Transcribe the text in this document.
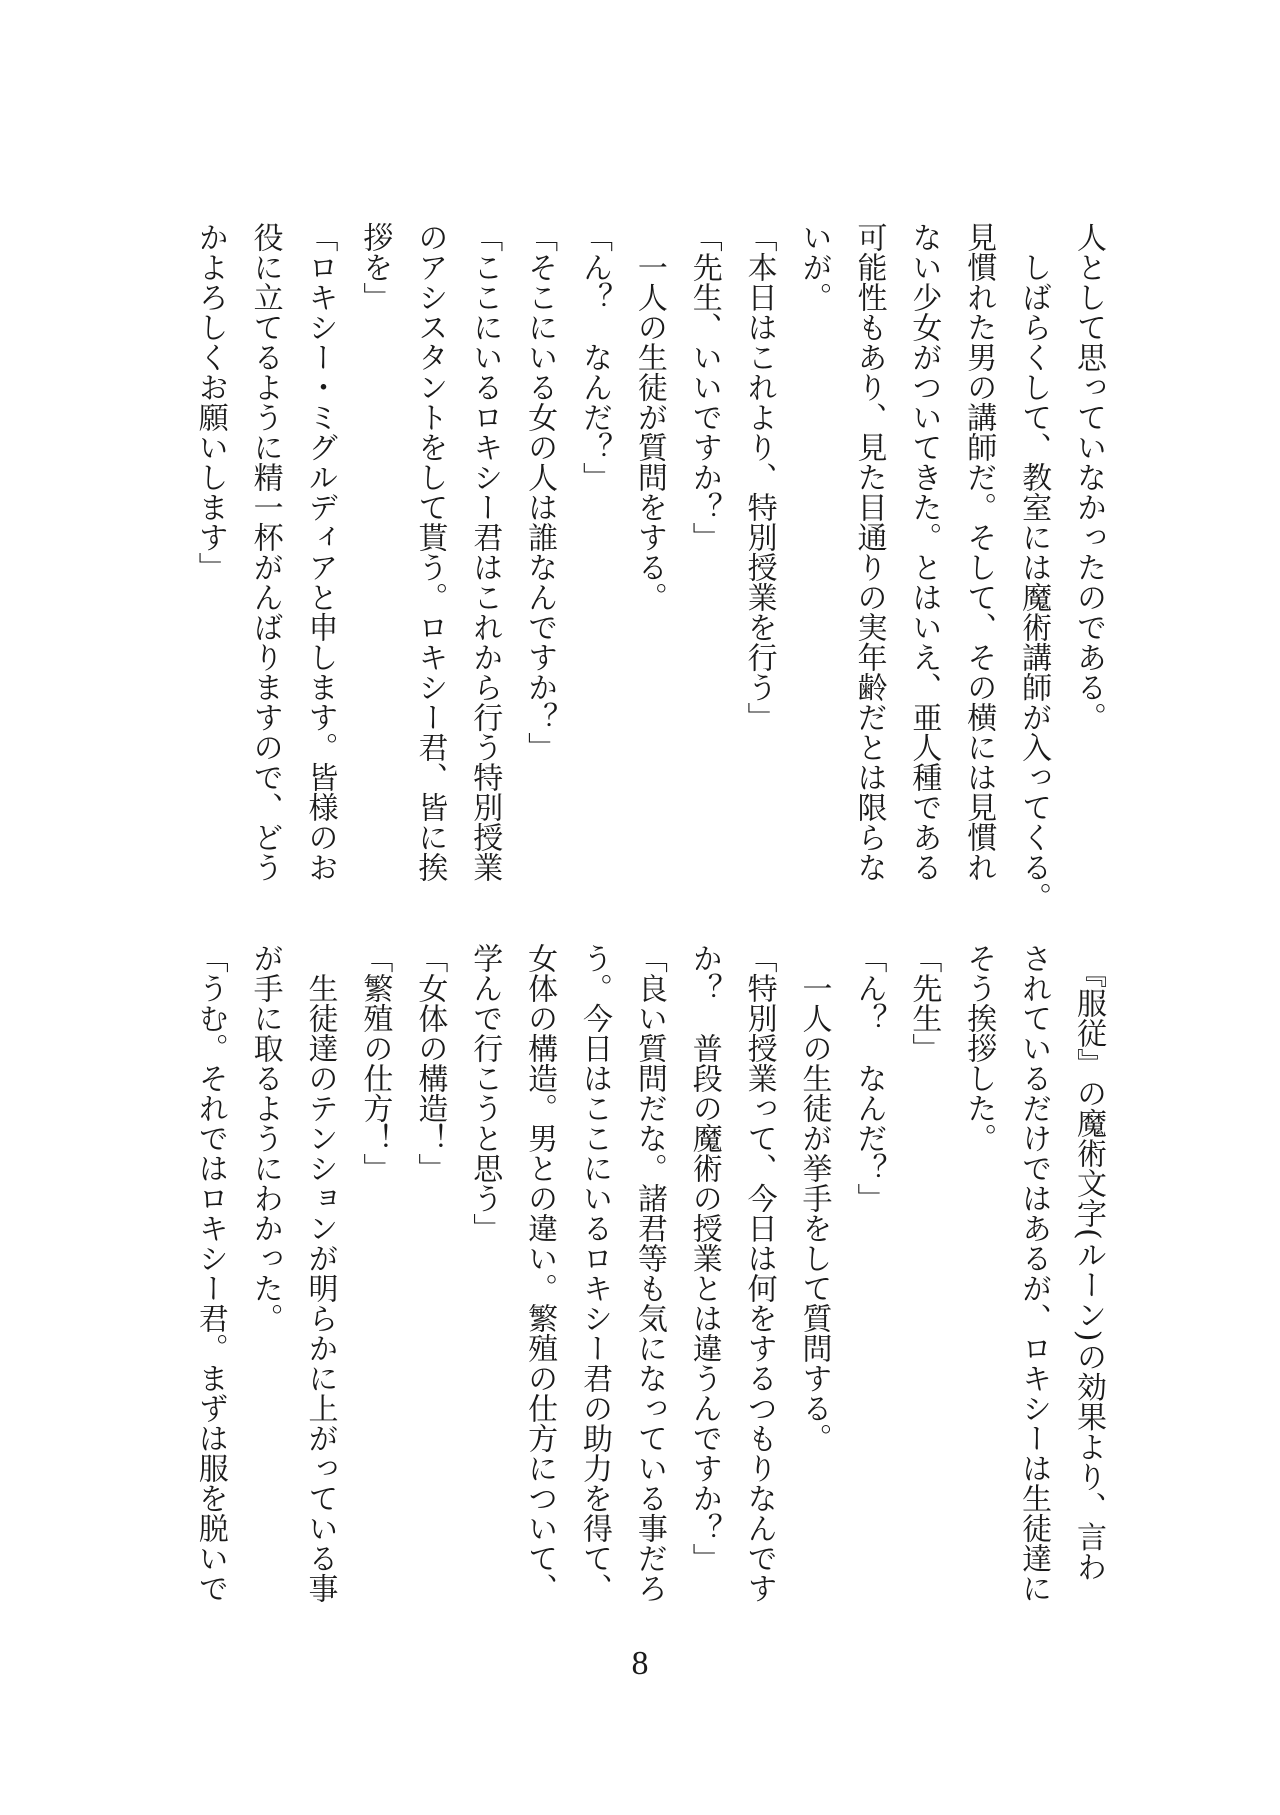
人として思っていなかったのである。
　しばらくして、教室には魔術講師が入ってくる。
見慣れた男の講師だ。そして、その横には見慣れ
ない少女がついてきた。とはいえ、亜人種である
可能性もあり、見た目通りの実年齢だとは限らな
いが。
「本日はこれより、特別授業を行う」
「先生、いいですか？」
　一人の生徒が質問をする。
「ん？　なんだ？」
「そこにいる女の人は誰なんですか？」
「ここにいるロキシー君はこれから行う特別授業
のアシスタントをして貰う。ロキシー君、皆に挨
拶を」
「ロキシー・ミグルディアと申します。皆様のお
役に立てるように精一杯がんばりますので、どう
かよろしくお願いします」
　『服従』の魔術文字(ルーン)の効果より、言わ
されているだけではあるが、ロキシーは生徒達に
そう挨拶した。
「先生」
「ん？　なんだ？」
　一人の生徒が挙手をして質問する。
「特別授業って、今日は何をするつもりなんです
か？　普段の魔術の授業とは違うんですか？」
「良い質問だな。諸君等も気になっている事だろ
う。今日はここにいるロキシー君の助力を得て、
女体の構造。男との違い。繁殖の仕方について、
学んで行こうと思う」
「女体の構造！」
「繁殖の仕方！」
　生徒達のテンションが明らかに上がっている事
が手に取るようにわかった。
「うむ。それではロキシー君。まずは服を脱いで
8
